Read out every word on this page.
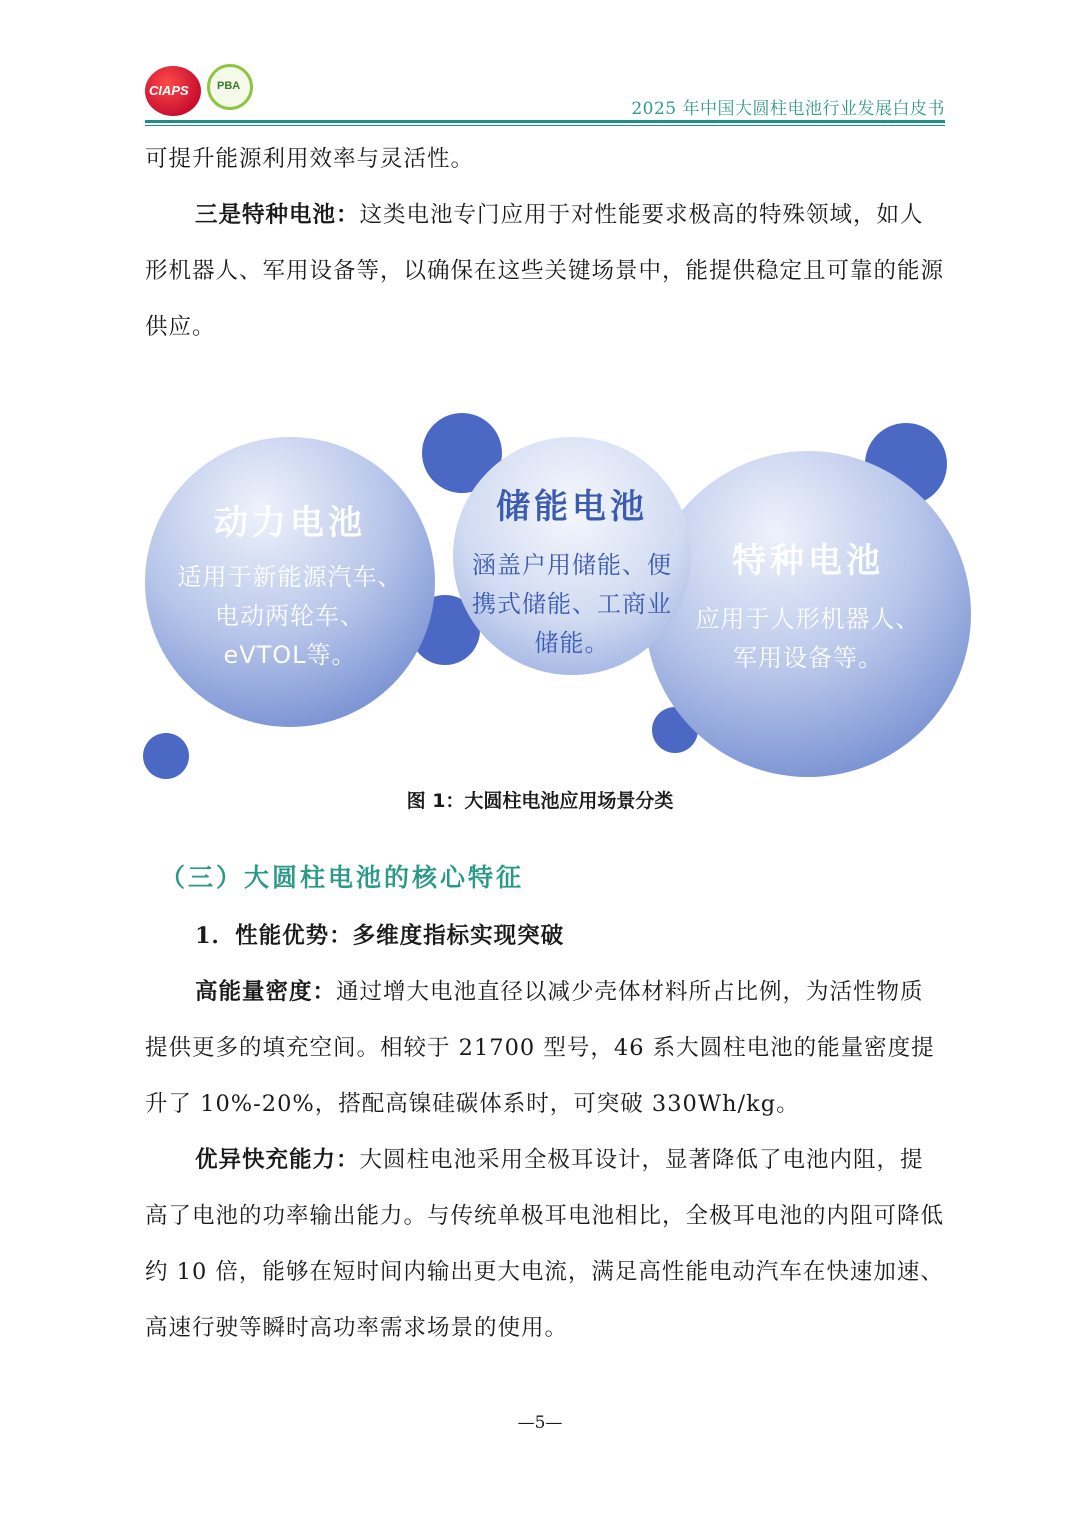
CIAPS	PBA
2025 年中国大圆柱电池行业发展白皮书

可提升能源利用效率与灵活性。

三是特种电池：这类电池专门应用于对性能要求极高的特殊领域，如人形机器人、军用设备等，以确保在这些关键场景中，能提供稳定且可靠的能源供应。

动力电池
适用于新能源汽车、
电动两轮车、
eVTOL等。
特种电池
应用于人形机器人、
军用设备等。
储能电池
涵盖户用储能、便
携式储能、工商业
储能。
图 1：大圆柱电池应用场景分类
（三）大圆柱电池的核心特征

1．性能优势：多维度指标实现突破

高能量密度：通过增大电池直径以减少壳体材料所占比例，为活性物质提供更多的填充空间。相较于 21700 型号，46 系大圆柱电池的能量密度提升了 10%-20%，搭配高镍硅碳体系时，可突破 330Wh/kg。

优异快充能力：大圆柱电池采用全极耳设计，显著降低了电池内阻，提高了电池的功率输出能力。与传统单极耳电池相比，全极耳电池的内阻可降低约 10 倍，能够在短时间内输出更大电流，满足高性能电动汽车在快速加速、高速行驶等瞬时高功率需求场景的使用。

—5—
